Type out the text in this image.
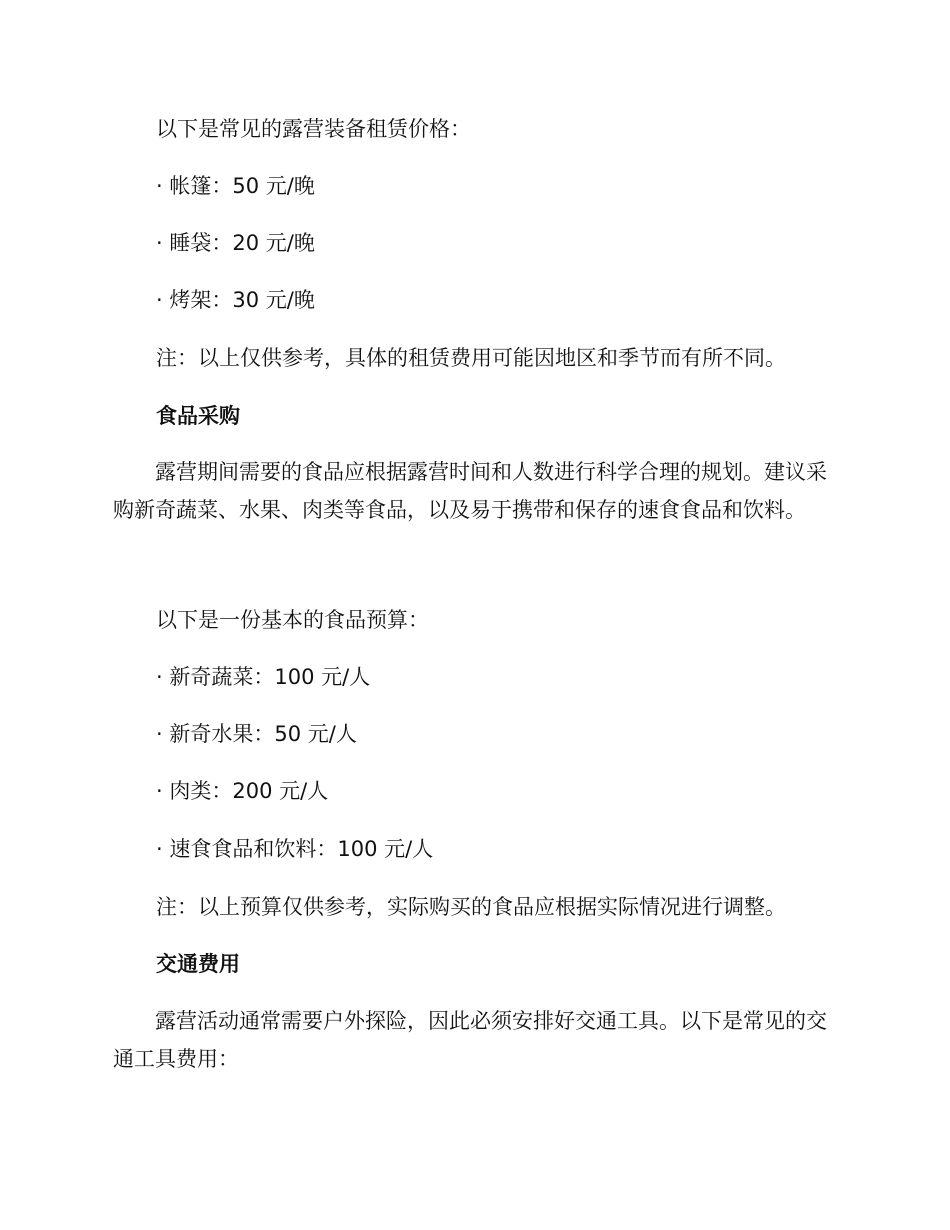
以下是常见的露营装备租赁价格：
· 帐篷：50 元/晚
· 睡袋：20 元/晚
· 烤架：30 元/晚
注：以上仅供参考，具体的租赁费用可能因地区和季节而有所不同。
食品采购
露营期间需要的食品应根据露营时间和人数进行科学合理的规划。建议采购新奇蔬菜、水果、肉类等食品，以及易于携带和保存的速食食品和饮料。
以下是一份基本的食品预算：
· 新奇蔬菜：100 元/人
· 新奇水果：50 元/人
· 肉类：200 元/人
· 速食食品和饮料：100 元/人
注：以上预算仅供参考，实际购买的食品应根据实际情况进行调整。
交通费用
露营活动通常需要户外探险，因此必须安排好交通工具。以下是常见的交通工具费用：
